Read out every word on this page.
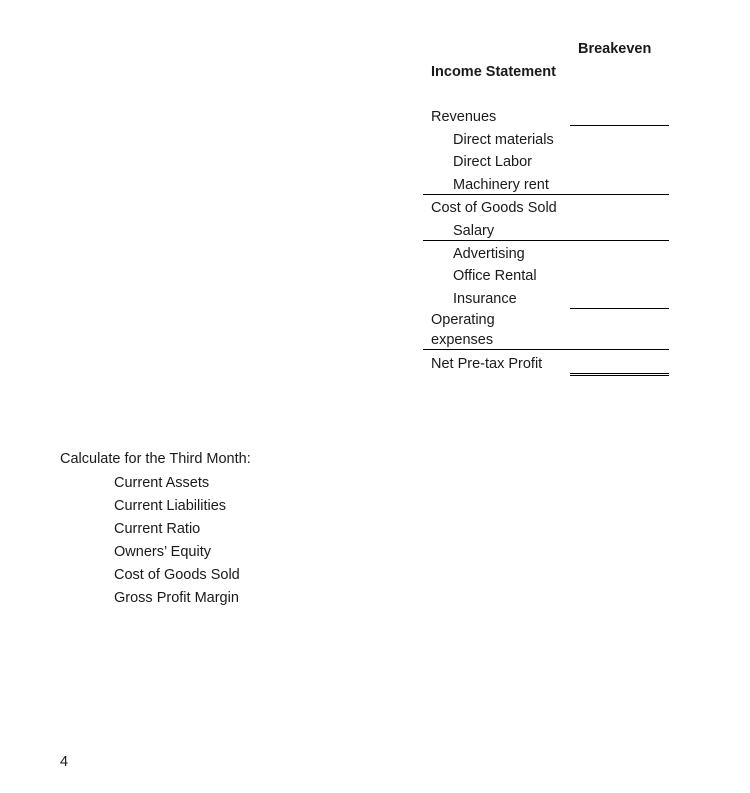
Breakeven
Income Statement
Revenues
Direct materials
Direct Labor
Machinery rent
Cost of Goods Sold
Salary
Advertising
Office Rental
Insurance
Operating
expenses
Net Pre-tax Profit
Calculate for the Third Month:
Current Assets
Current Liabilities
Current Ratio
Owners’ Equity
Cost of Goods Sold
Gross Profit Margin
4
